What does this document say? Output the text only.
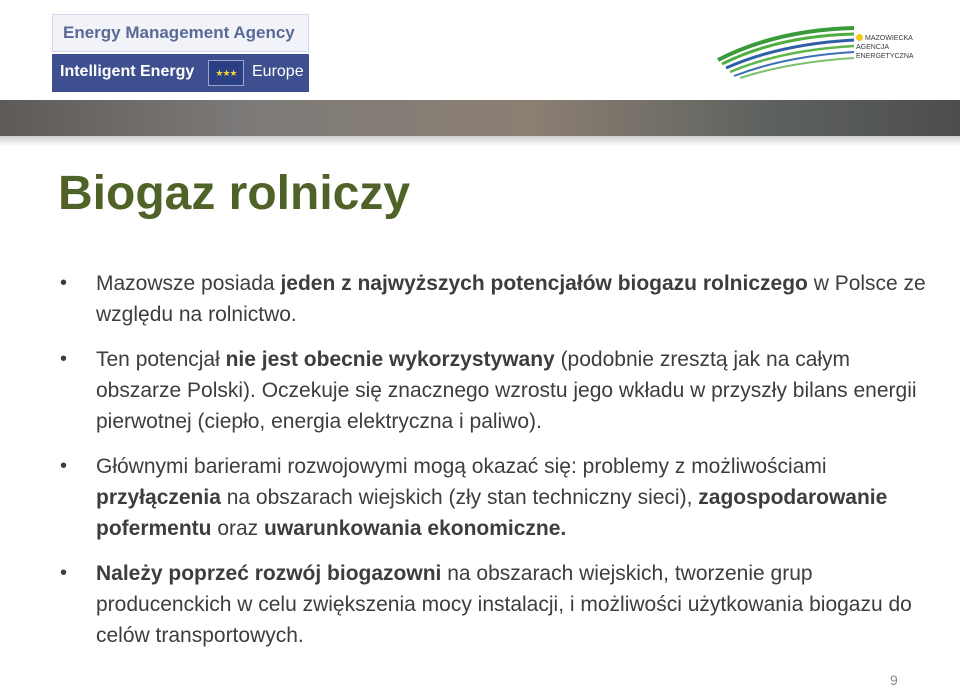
Energy Management Agency
Intelligent Energy	★★★ Europe
MAZOWIECKA
AGENCJA
ENERGETYCZNA
Biogaz rolniczy
• Mazowsze posiada jeden z najwyższych potencjałów biogazu rolniczego w Polsce ze względu na rolnictwo.
• Ten potencjał nie jest obecnie wykorzystywany (podobnie zresztą jak na całym obszarze Polski). Oczekuje się znacznego wzrostu jego wkładu w przyszły bilans energii pierwotnej (ciepło, energia elektryczna i paliwo).
• Głównymi barierami rozwojowymi mogą okazać się: problemy z możliwościami przyłączenia na obszarach wiejskich (zły stan techniczny sieci), zagospodarowanie pofermentu oraz uwarunkowania ekonomiczne.
• Należy poprzeć rozwój biogazowni na obszarach wiejskich, tworzenie grup producenckich w celu zwiększenia mocy instalacji, i możliwości użytkowania biogazu do celów transportowych.
9
